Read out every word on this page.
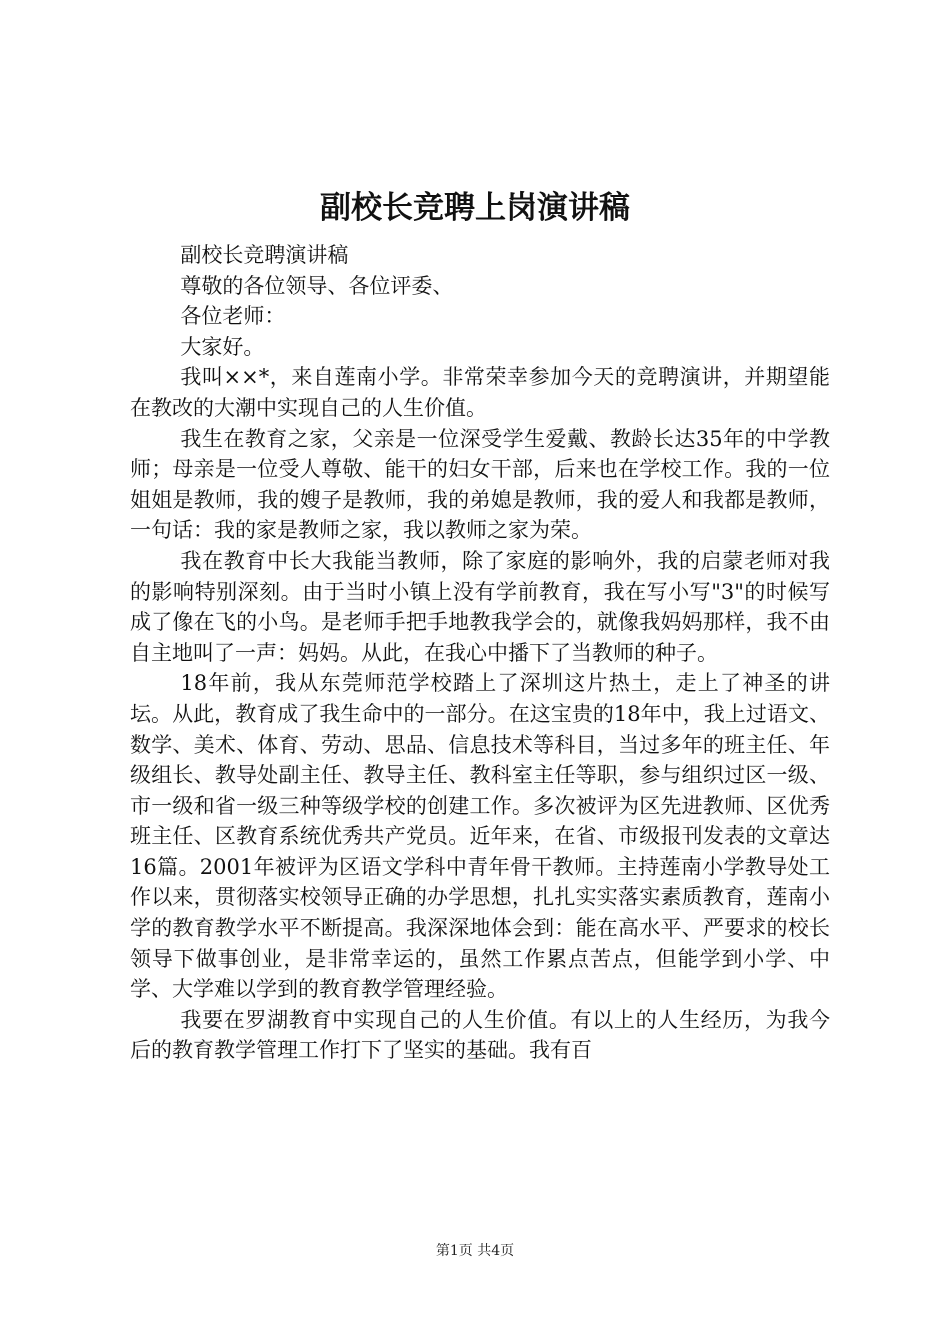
副校长竞聘上岗演讲稿

副校长竞聘演讲稿

尊敬的各位领导、各位评委、

各位老师：

大家好。

我叫××*，来自莲南小学。非常荣幸参加今天的竞聘演讲，并期望能在教改的大潮中实现自己的人生价值。

我生在教育之家，父亲是一位深受学生爱戴、教龄长达35年的中学教师；母亲是一位受人尊敬、能干的妇女干部，后来也在学校工作。我的一位姐姐是教师，我的嫂子是教师，我的弟媳是教师，我的爱人和我都是教师，一句话：我的家是教师之家，我以教师之家为荣。

我在教育中长大我能当教师，除了家庭的影响外，我的启蒙老师对我的影响特别深刻。由于当时小镇上没有学前教育，我在写小写"3"的时候写成了像在飞的小鸟。是老师手把手地教我学会的，就像我妈妈那样，我不由自主地叫了一声：妈妈。从此，在我心中播下了当教师的种子。

18年前，我从东莞师范学校踏上了深圳这片热土，走上了神圣的讲坛。从此，教育成了我生命中的一部分。在这宝贵的18年中，我上过语文、数学、美术、体育、劳动、思品、信息技术等科目，当过多年的班主任、年级组长、教导处副主任、教导主任、教科室主任等职，参与组织过区一级、市一级和省一级三种等级学校的创建工作。多次被评为区先进教师、区优秀班主任、区教育系统优秀共产党员。近年来，在省、市级报刊发表的文章达16篇。2001年被评为区语文学科中青年骨干教师。主持莲南小学教导处工作以来，贯彻落实校领导正确的办学思想，扎扎实实落实素质教育，莲南小学的教育教学水平不断提高。我深深地体会到：能在高水平、严要求的校长领导下做事创业，是非常幸运的，虽然工作累点苦点，但能学到小学、中学、大学难以学到的教育教学管理经验。

我要在罗湖教育中实现自己的人生价值。有以上的人生经历，为我今后的教育教学管理工作打下了坚实的基础。我有百

第1页 共4页
